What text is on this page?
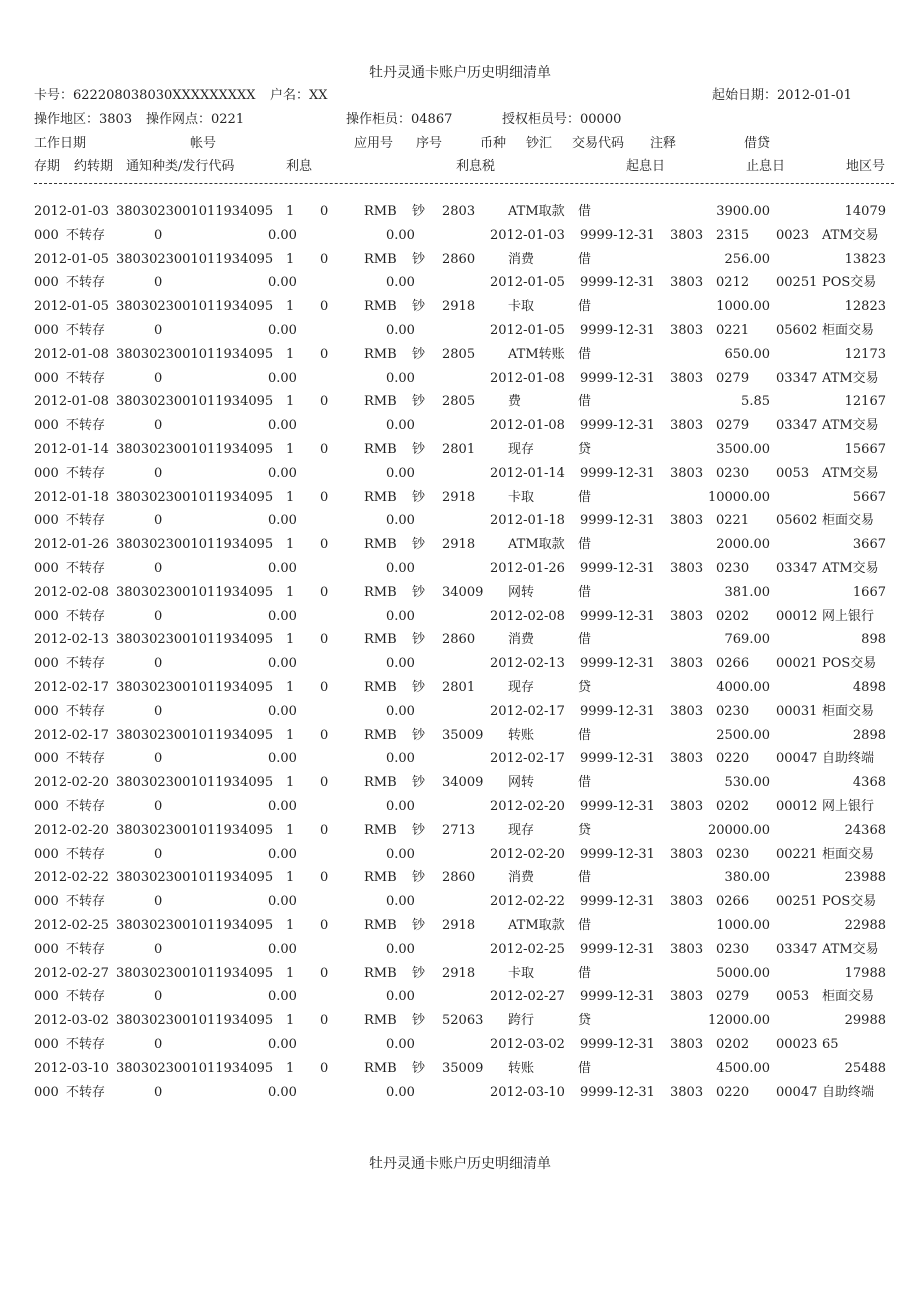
牡丹灵通卡账户历史明细清单
卡号：622208038030XXXXXXXXX 户名：XX	起始日期：2012-01-01
操作地区：3803 操作网点：0221	操作柜员：04867	授权柜员号：00000
工作日期	帐号	应用号 序号	币种 钞汇 交易代码 注释	借贷
存期 约转期 通知种类/发行代码	利息	利息税	起息日	止息日	地区号
2012-01-03 3803023001011934095 1 0	RMB 钞 2803	ATM取款 借	3900.00	14079
000 不转存	0	0.00	0.00	2012-01-03 9999-12-31 3803 2315 0023 ATM交易
2012-01-05 3803023001011934095 1 0	RMB 钞 2860	消费	借	256.00	13823
000 不转存	0	0.00	0.00	2012-01-05 9999-12-31 3803 0212 00251 POS交易
2012-01-05 3803023001011934095 1 0	RMB 钞 2918	卡取	借	1000.00	12823
000 不转存	0	0.00	0.00	2012-01-05 9999-12-31 3803 0221 05602 柜面交易
2012-01-08 3803023001011934095 1 0	RMB 钞 2805	ATM转账 借	650.00	12173
000 不转存	0	0.00	0.00	2012-01-08 9999-12-31 3803 0279 03347 ATM交易
2012-01-08 3803023001011934095 1 0	RMB 钞 2805	费	借	5.85	12167
000 不转存	0	0.00	0.00	2012-01-08 9999-12-31 3803 0279 03347 ATM交易
2012-01-14 3803023001011934095 1 0	RMB 钞 2801	现存	贷	3500.00	15667
000 不转存	0	0.00	0.00	2012-01-14 9999-12-31 3803 0230 0053 ATM交易
2012-01-18 3803023001011934095 1 0	RMB 钞 2918	卡取	借	10000.00	5667
000 不转存	0	0.00	0.00	2012-01-18 9999-12-31 3803 0221 05602 柜面交易
2012-01-26 3803023001011934095 1 0	RMB 钞 2918	ATM取款 借	2000.00	3667
000 不转存	0	0.00	0.00	2012-01-26 9999-12-31 3803 0230 03347 ATM交易
2012-02-08 3803023001011934095 1 0	RMB 钞 34009 网转	借	381.00	1667
000 不转存	0	0.00	0.00	2012-02-08 9999-12-31 3803 0202 00012 网上银行
2012-02-13 3803023001011934095 1 0	RMB 钞 2860	消费	借	769.00	898
000 不转存	0	0.00	0.00	2012-02-13 9999-12-31 3803 0266 00021 POS交易
2012-02-17 3803023001011934095 1 0	RMB 钞 2801	现存	贷	4000.00	4898
000 不转存	0	0.00	0.00	2012-02-17 9999-12-31 3803 0230 00031 柜面交易
2012-02-17 3803023001011934095 1 0	RMB 钞 35009 转账	借	2500.00	2898
000 不转存	0	0.00	0.00	2012-02-17 9999-12-31 3803 0220 00047 自助终端
2012-02-20 3803023001011934095 1 0	RMB 钞 34009 网转	借	530.00	4368
000 不转存	0	0.00	0.00	2012-02-20 9999-12-31 3803 0202 00012 网上银行
2012-02-20 3803023001011934095 1 0	RMB 钞 2713	现存	贷	20000.00	24368
000 不转存	0	0.00	0.00	2012-02-20 9999-12-31 3803 0230 00221 柜面交易
2012-02-22 3803023001011934095 1 0	RMB 钞 2860	消费	借	380.00	23988
000 不转存	0	0.00	0.00	2012-02-22 9999-12-31 3803 0266 00251 POS交易
2012-02-25 3803023001011934095 1 0	RMB 钞 2918	ATM取款 借	1000.00	22988
000 不转存	0	0.00	0.00	2012-02-25 9999-12-31 3803 0230 03347 ATM交易
2012-02-27 3803023001011934095 1 0	RMB 钞 2918	卡取	借	5000.00	17988
000 不转存	0	0.00	0.00	2012-02-27 9999-12-31 3803 0279 0053 柜面交易
2012-03-02 3803023001011934095 1 0	RMB 钞 52063 跨行	贷	12000.00	29988
000 不转存	0	0.00	0.00	2012-03-02 9999-12-31 3803 0202 00023 65
2012-03-10 3803023001011934095 1 0	RMB 钞 35009 转账	借	4500.00	25488
000 不转存	0	0.00	0.00	2012-03-10 9999-12-31 3803 0220 00047 自助终端
牡丹灵通卡账户历史明细清单
